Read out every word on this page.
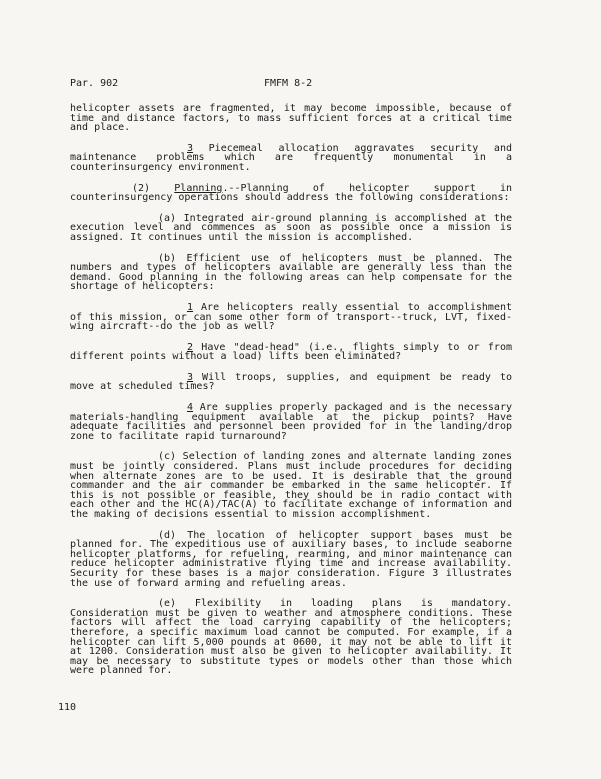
Par. 902	FMFM 8-2

helicopter assets are fragmented, it may become impossible, because of time and distance factors, to mass sufficient forces at a critical time and place.

3 Piecemeal allocation aggravates security and maintenance problems which are frequently monumental in a counterinsurgency environment.

(2) Planning.--Planning of helicopter support in counterinsurgency operations should address the following considerations:

(a) Integrated air-ground planning is accomplished at the execution level and commences as soon as possible once a mission is assigned. It continues until the mission is accomplished.

(b) Efficient use of helicopters must be planned. The numbers and types of helicopters available are generally less than the demand. Good planning in the following areas can help compensate for the shortage of helicopters:

1 Are helicopters really essential to accomplishment of this mission, or can some other form of transport--truck, LVT, fixed-wing aircraft--do the job as well?

2 Have "dead-head" (i.e., flights simply to or from different points without a load) lifts been eliminated?

3 Will troops, supplies, and equipment be ready to move at scheduled times?

4 Are supplies properly packaged and is the necessary materials-handling equipment available at the pickup points? Have adequate facilities and personnel been provided for in the landing/drop zone to facilitate rapid turnaround?

(c) Selection of landing zones and alternate landing zones must be jointly considered. Plans must include procedures for deciding when alternate zones are to be used. It is desirable that the ground commander and the air commander be embarked in the same helicopter. If this is not possible or feasible, they should be in radio contact with each other and the HC(A)/TAC(A) to facilitate exchange of information and the making of decisions essential to mission accomplishment.

(d) The location of helicopter support bases must be planned for. The expeditious use of auxiliary bases, to include seaborne helicopter platforms, for refueling, rearming, and minor maintenance can reduce helicopter administrative flying time and increase availability. Security for these bases is a major consideration. Figure 3 illustrates the use of forward arming and refueling areas.

(e) Flexibility in loading plans is mandatory. Consideration must be given to weather and atmosphere conditions. These factors will affect the load carrying capability of the helicopters; therefore, a specific maximum load cannot be computed. For example, if a helicopter can lift 5,000 pounds at 0600, it may not be able to lift it at 1200. Consideration must also be given to helicopter availability. It may be necessary to substitute types or models other than those which were planned for.

110
